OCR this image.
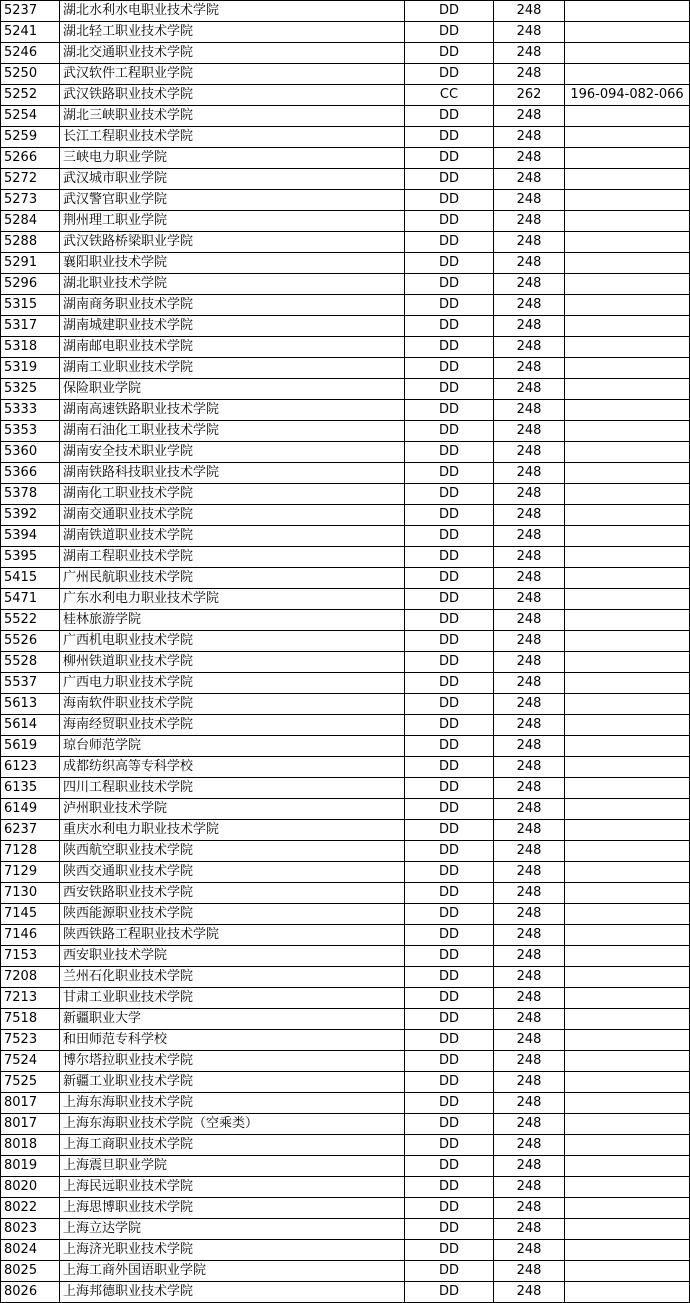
5237	湖北水利水电职业技术学院	DD	248	
5241	湖北轻工职业技术学院	DD	248	
5246	湖北交通职业技术学院	DD	248	
5250	武汉软件工程职业学院	DD	248	
5252	武汉铁路职业技术学院	CC	262	196-094-082-066
5254	湖北三峡职业技术学院	DD	248	
5259	长江工程职业技术学院	DD	248	
5266	三峡电力职业学院	DD	248	
5272	武汉城市职业学院	DD	248	
5273	武汉警官职业学院	DD	248	
5284	荆州理工职业学院	DD	248	
5288	武汉铁路桥梁职业学院	DD	248	
5291	襄阳职业技术学院	DD	248	
5296	湖北职业技术学院	DD	248	
5315	湖南商务职业技术学院	DD	248	
5317	湖南城建职业技术学院	DD	248	
5318	湖南邮电职业技术学院	DD	248	
5319	湖南工业职业技术学院	DD	248	
5325	保险职业学院	DD	248	
5333	湖南高速铁路职业技术学院	DD	248	
5353	湖南石油化工职业技术学院	DD	248	
5360	湖南安全技术职业学院	DD	248	
5366	湖南铁路科技职业技术学院	DD	248	
5378	湖南化工职业技术学院	DD	248	
5392	湖南交通职业技术学院	DD	248	
5394	湖南铁道职业技术学院	DD	248	
5395	湖南工程职业技术学院	DD	248	
5415	广州民航职业技术学院	DD	248	
5471	广东水利电力职业技术学院	DD	248	
5522	桂林旅游学院	DD	248	
5526	广西机电职业技术学院	DD	248	
5528	柳州铁道职业技术学院	DD	248	
5537	广西电力职业技术学院	DD	248	
5613	海南软件职业技术学院	DD	248	
5614	海南经贸职业技术学院	DD	248	
5619	琼台师范学院	DD	248	
6123	成都纺织高等专科学校	DD	248	
6135	四川工程职业技术学院	DD	248	
6149	泸州职业技术学院	DD	248	
6237	重庆水利电力职业技术学院	DD	248	
7128	陕西航空职业技术学院	DD	248	
7129	陕西交通职业技术学院	DD	248	
7130	西安铁路职业技术学院	DD	248	
7145	陕西能源职业技术学院	DD	248	
7146	陕西铁路工程职业技术学院	DD	248	
7153	西安职业技术学院	DD	248	
7208	兰州石化职业技术学院	DD	248	
7213	甘肃工业职业技术学院	DD	248	
7518	新疆职业大学	DD	248	
7523	和田师范专科学校	DD	248	
7524	博尔塔拉职业技术学院	DD	248	
7525	新疆工业职业技术学院	DD	248	
8017	上海东海职业技术学院	DD	248	
8017	上海东海职业技术学院（空乘类）	DD	248	
8018	上海工商职业技术学院	DD	248	
8019	上海震旦职业学院	DD	248	
8020	上海民远职业技术学院	DD	248	
8022	上海思博职业技术学院	DD	248	
8023	上海立达学院	DD	248	
8024	上海济光职业技术学院	DD	248	
8025	上海工商外国语职业学院	DD	248	
8026	上海邦德职业技术学院	DD	248	
